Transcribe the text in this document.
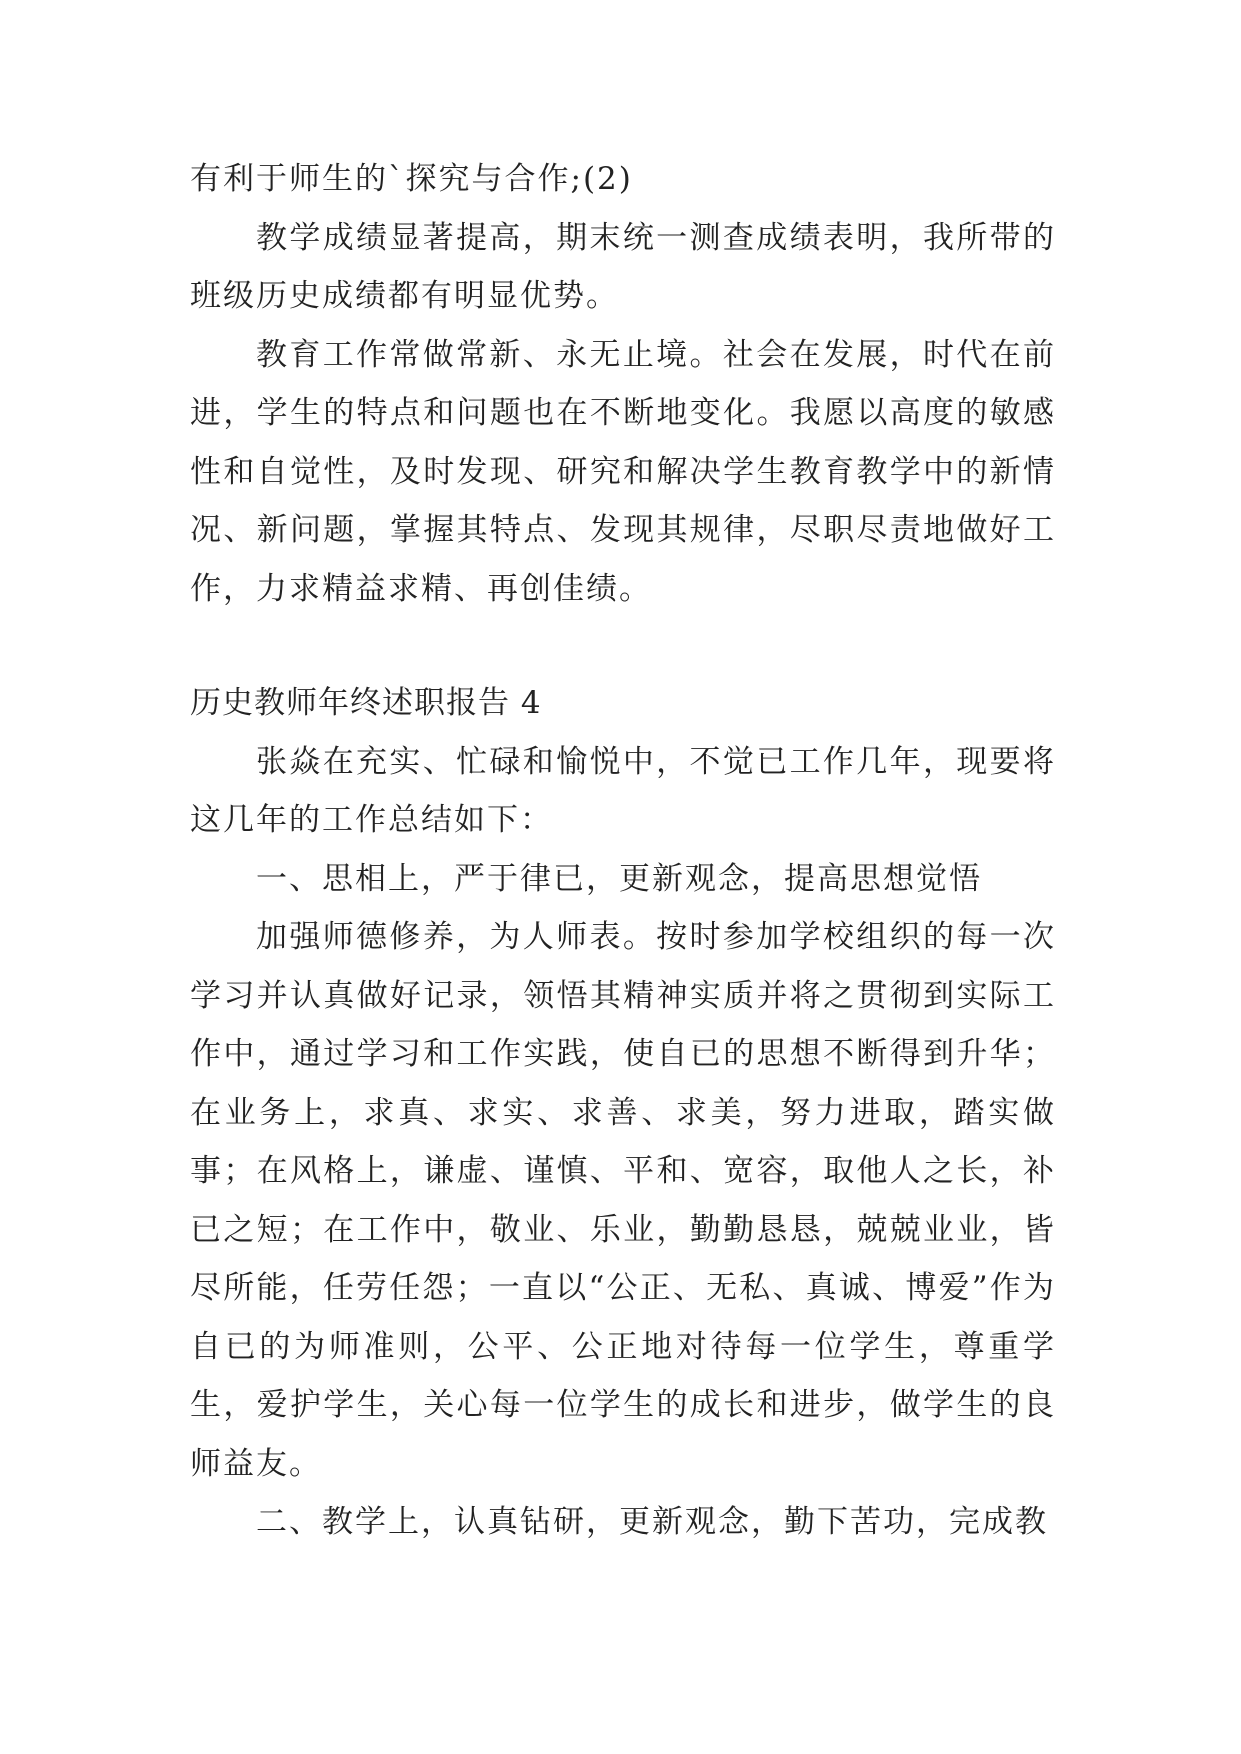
有利于师生的`探究与合作;(2)

教学成绩显著提高，期末统一测查成绩表明，我所带的班级历史成绩都有明显优势。

教育工作常做常新、永无止境。社会在发展，时代在前进，学生的特点和问题也在不断地变化。我愿以高度的敏感性和自觉性，及时发现、研究和解决学生教育教学中的新情况、新问题，掌握其特点、发现其规律，尽职尽责地做好工作，力求精益求精、再创佳绩。

历史教师年终述职报告 4

张焱在充实、忙碌和愉悦中，不觉已工作几年，现要将这几年的工作总结如下：

一、思相上，严于律已，更新观念，提高思想觉悟

加强师德修养，为人师表。按时参加学校组织的每一次学习并认真做好记录，领悟其精神实质并将之贯彻到实际工作中，通过学习和工作实践，使自已的思想不断得到升华；在业务上，求真、求实、求善、求美，努力进取，踏实做事；在风格上，谦虚、谨慎、平和、宽容，取他人之长，补已之短；在工作中，敬业、乐业，勤勤恳恳，兢兢业业，皆尽所能，任劳任怨；一直以“公正、无私、真诚、博爱”作为自已的为师准则，公平、公正地对待每一位学生，尊重学生，爱护学生，关心每一位学生的成长和进步，做学生的良师益友。

二、教学上，认真钻研，更新观念，勤下苦功，完成教
